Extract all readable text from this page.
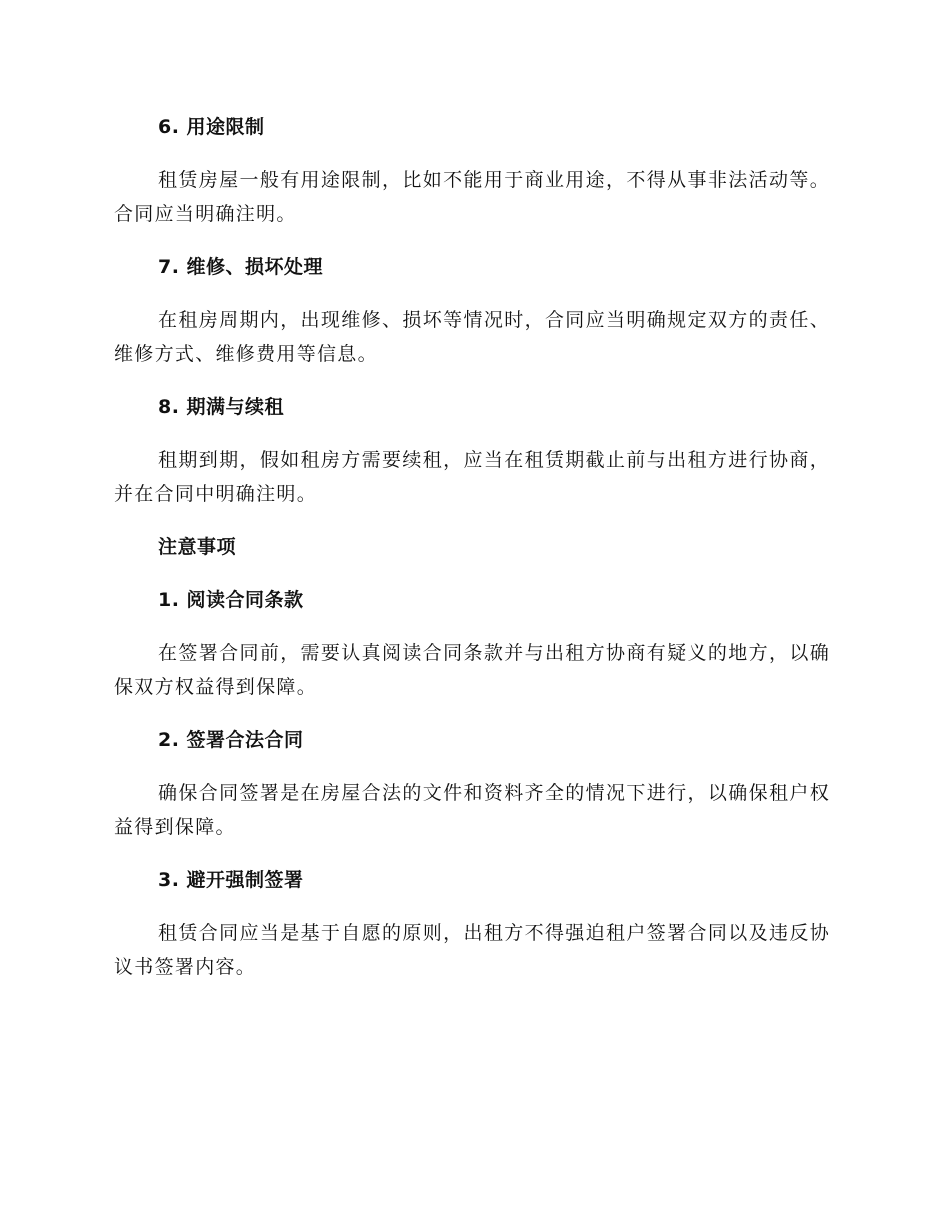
6. 用途限制

租赁房屋一般有用途限制，比如不能用于商业用途，不得从事非法活动等。合同应当明确注明。

7. 维修、损坏处理

在租房周期内，出现维修、损坏等情况时，合同应当明确规定双方的责任、维修方式、维修费用等信息。

8. 期满与续租

租期到期，假如租房方需要续租，应当在租赁期截止前与出租方进行协商，并在合同中明确注明。

注意事项
1. 阅读合同条款

在签署合同前，需要认真阅读合同条款并与出租方协商有疑义的地方，以确保双方权益得到保障。

2. 签署合法合同

确保合同签署是在房屋合法的文件和资料齐全的情况下进行，以确保租户权益得到保障。

3. 避开强制签署

租赁合同应当是基于自愿的原则，出租方不得强迫租户签署合同以及违反协议书签署内容。
